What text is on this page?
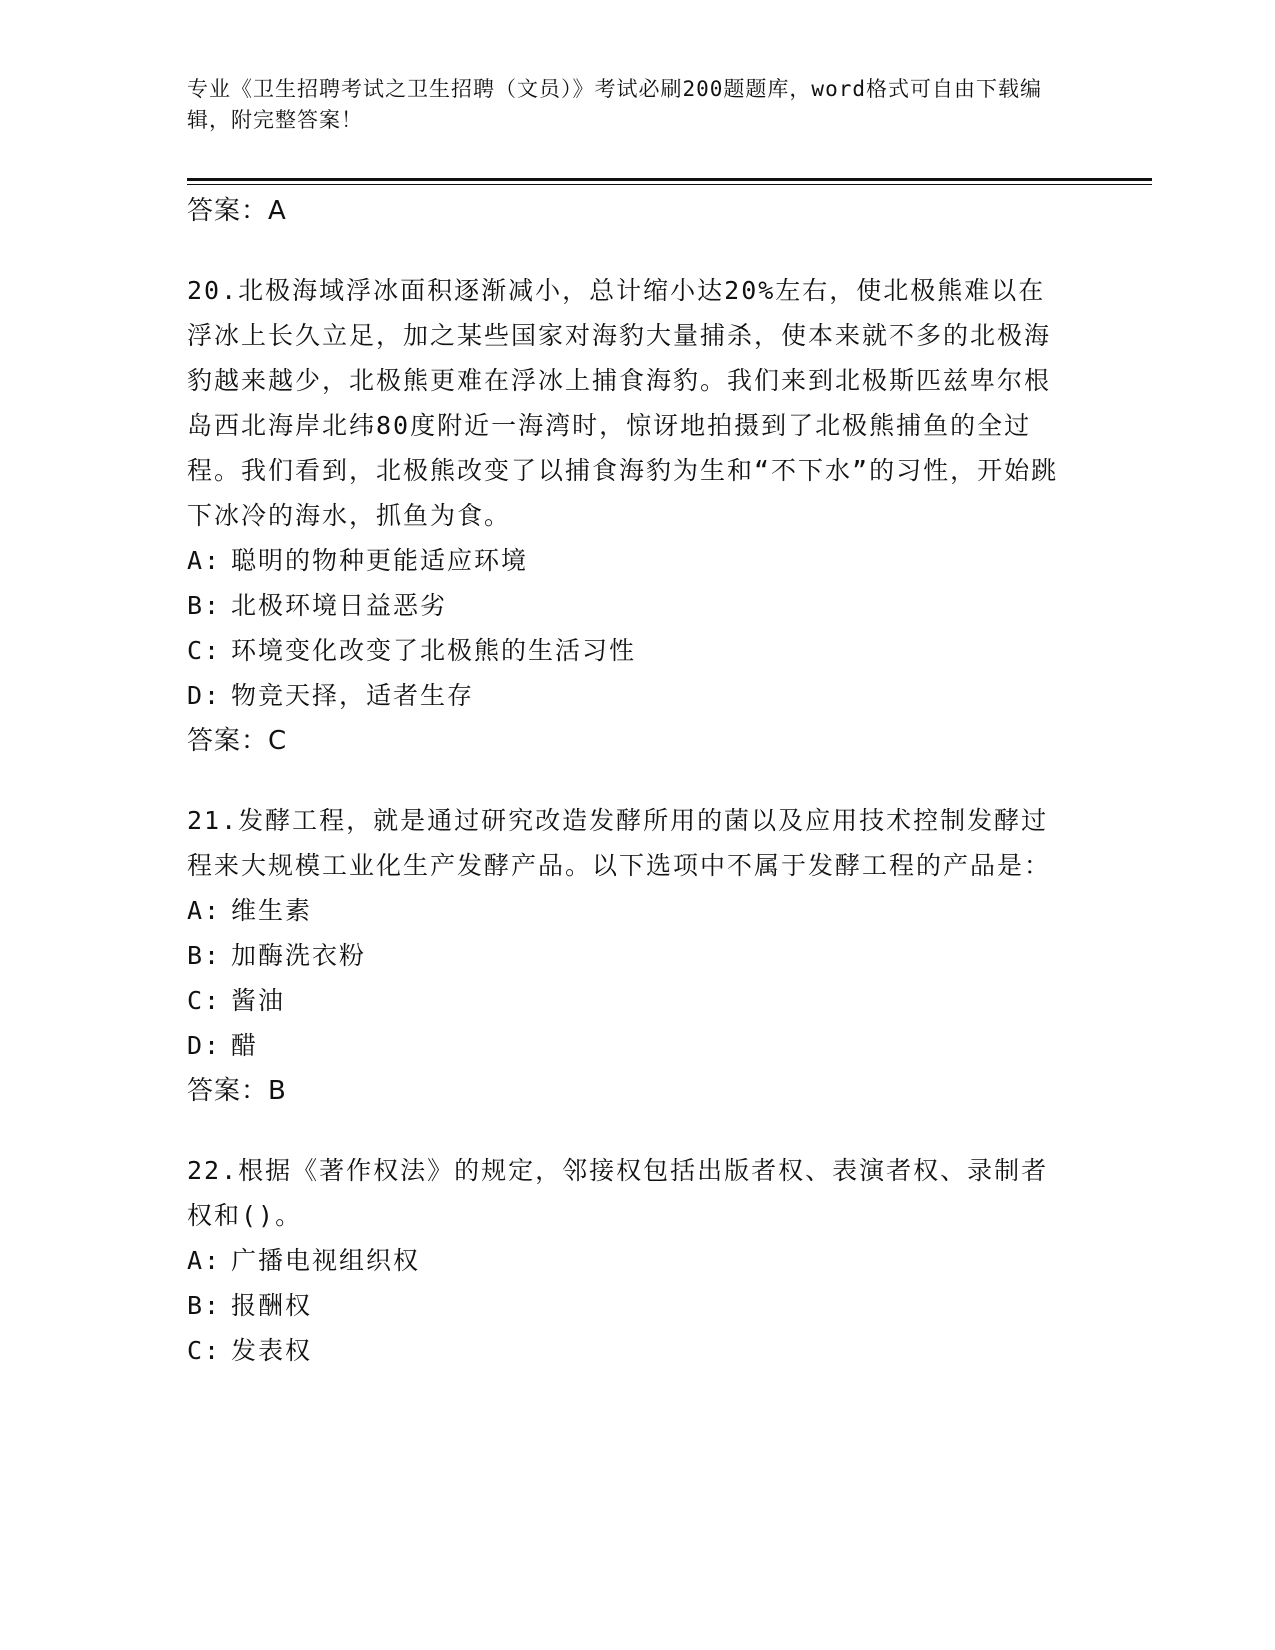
专业《卫生招聘考试之卫生招聘（文员）》考试必刷200题题库，word格式可自由下载编辑，附完整答案！
答案：A

20.北极海域浮冰面积逐渐减小，总计缩小达20%左右，使北极熊难以在浮冰上长久立足，加之某些国家对海豹大量捕杀，使本来就不多的北极海豹越来越少，北极熊更难在浮冰上捕食海豹。我们来到北极斯匹兹卑尔根岛西北海岸北纬80度附近一海湾时，惊讶地拍摄到了北极熊捕鱼的全过程。我们看到，北极熊改变了以捕食海豹为生和“不下水”的习性，开始跳下冰冷的海水，抓鱼为食。

A: 聪明的物种更能适应环境

B: 北极环境日益恶劣

C: 环境变化改变了北极熊的生活习性

D: 物竞天择，适者生存

答案：C

21.发酵工程，就是通过研究改造发酵所用的菌以及应用技术控制发酵过程来大规模工业化生产发酵产品。以下选项中不属于发酵工程的产品是：

A: 维生素

B: 加酶洗衣粉

C: 酱油

D: 醋

答案：B

22.根据《著作权法》的规定，邻接权包括出版者权、表演者权、录制者权和()。

A: 广播电视组织权

B: 报酬权

C: 发表权
